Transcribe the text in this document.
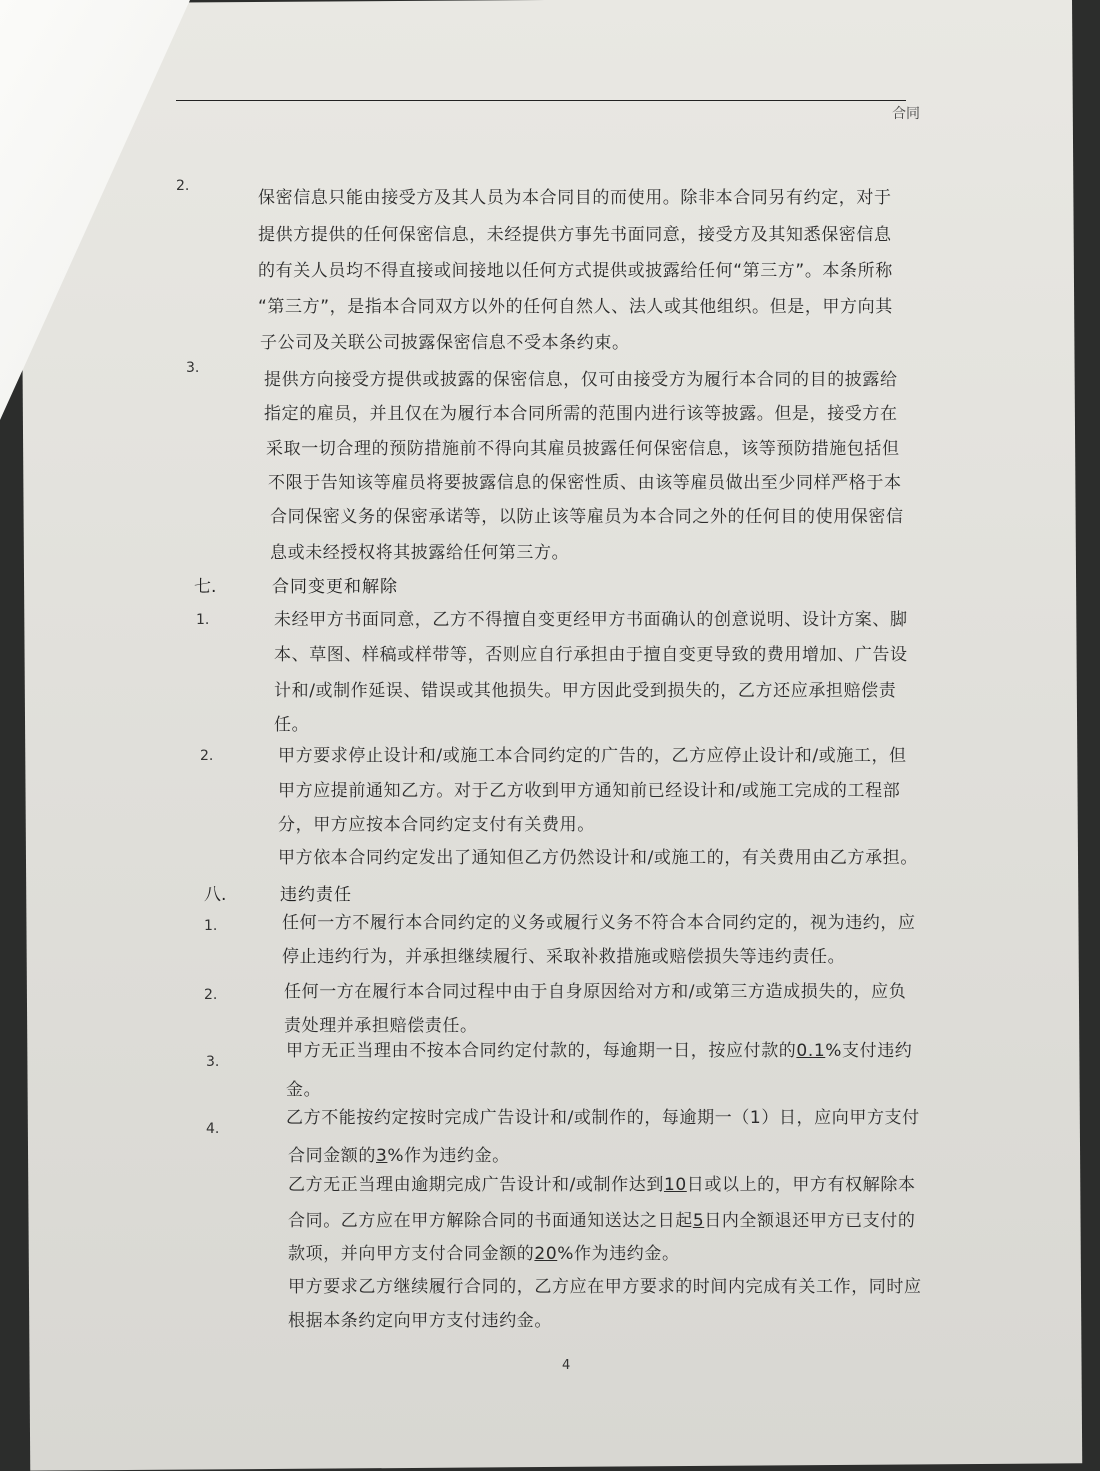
合同
2.
保密信息只能由接受方及其人员为本合同目的而使用。除非本合同另有约定，对于
提供方提供的任何保密信息，未经提供方事先书面同意，接受方及其知悉保密信息
的有关人员均不得直接或间接地以任何方式提供或披露给任何“第三方”。本条所称
“第三方”，是指本合同双方以外的任何自然人、法人或其他组织。但是，甲方向其
子公司及关联公司披露保密信息不受本条约束。
3.
提供方向接受方提供或披露的保密信息，仅可由接受方为履行本合同的目的披露给
指定的雇员，并且仅在为履行本合同所需的范围内进行该等披露。但是，接受方在
采取一切合理的预防措施前不得向其雇员披露任何保密信息，该等预防措施包括但
不限于告知该等雇员将要披露信息的保密性质、由该等雇员做出至少同样严格于本
合同保密义务的保密承诺等，以防止该等雇员为本合同之外的任何目的使用保密信
息或未经授权将其披露给任何第三方。
七.	合同变更和解除
1.	未经甲方书面同意，乙方不得擅自变更经甲方书面确认的创意说明、设计方案、脚
本、草图、样稿或样带等，否则应自行承担由于擅自变更导致的费用增加、广告设
计和/或制作延误、错误或其他损失。甲方因此受到损失的，乙方还应承担赔偿责
任。
2.	甲方要求停止设计和/或施工本合同约定的广告的，乙方应停止设计和/或施工，但
甲方应提前通知乙方。对于乙方收到甲方通知前已经设计和/或施工完成的工程部
分，甲方应按本合同约定支付有关费用。
甲方依本合同约定发出了通知但乙方仍然设计和/或施工的，有关费用由乙方承担。
八.	违约责任
1.	任何一方不履行本合同约定的义务或履行义务不符合本合同约定的，视为违约，应
停止违约行为，并承担继续履行、采取补救措施或赔偿损失等违约责任。
2.	任何一方在履行本合同过程中由于自身原因给对方和/或第三方造成损失的，应负
责处理并承担赔偿责任。
3.
甲方无正当理由不按本合同约定付款的，每逾期一日，按应付款的0.1%支付违约
金。
4.
乙方不能按约定按时完成广告设计和/或制作的，每逾期一（1）日，应向甲方支付
合同金额的3%作为违约金。
乙方无正当理由逾期完成广告设计和/或制作达到10日或以上的，甲方有权解除本
合同。乙方应在甲方解除合同的书面通知送达之日起5日内全额退还甲方已支付的
款项，并向甲方支付合同金额的20%作为违约金。
甲方要求乙方继续履行合同的，乙方应在甲方要求的时间内完成有关工作，同时应
根据本条约定向甲方支付违约金。
4
